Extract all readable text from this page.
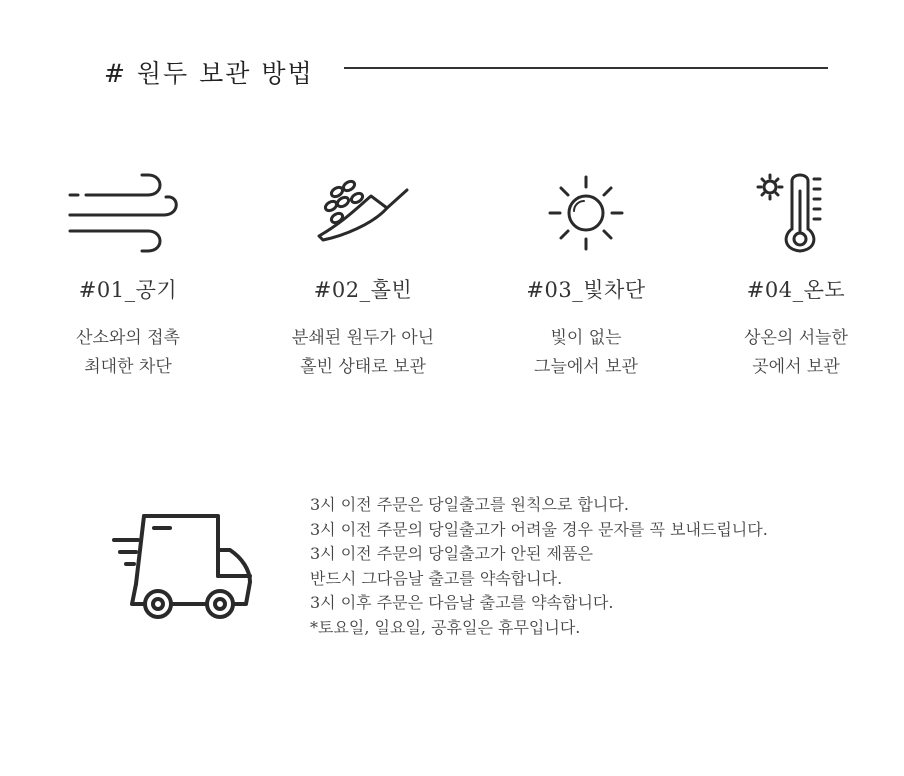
# 원두 보관 방법
#01_공기
산소와의 접촉
최대한 차단
#02_홀빈
분쇄된 원두가 아닌
홀빈 상태로 보관
#03_빛차단
빛이 없는
그늘에서 보관
#04_온도
상온의 서늘한
곳에서 보관
3시 이전 주문은 당일출고를 원칙으로 합니다.
3시 이전 주문의 당일출고가 어려울 경우 문자를 꼭 보내드립니다.
3시 이전 주문의 당일출고가 안된 제품은
반드시 그다음날 출고를 약속합니다.
3시 이후 주문은 다음날 출고를 약속합니다.
*토요일, 일요일, 공휴일은 휴무입니다.
